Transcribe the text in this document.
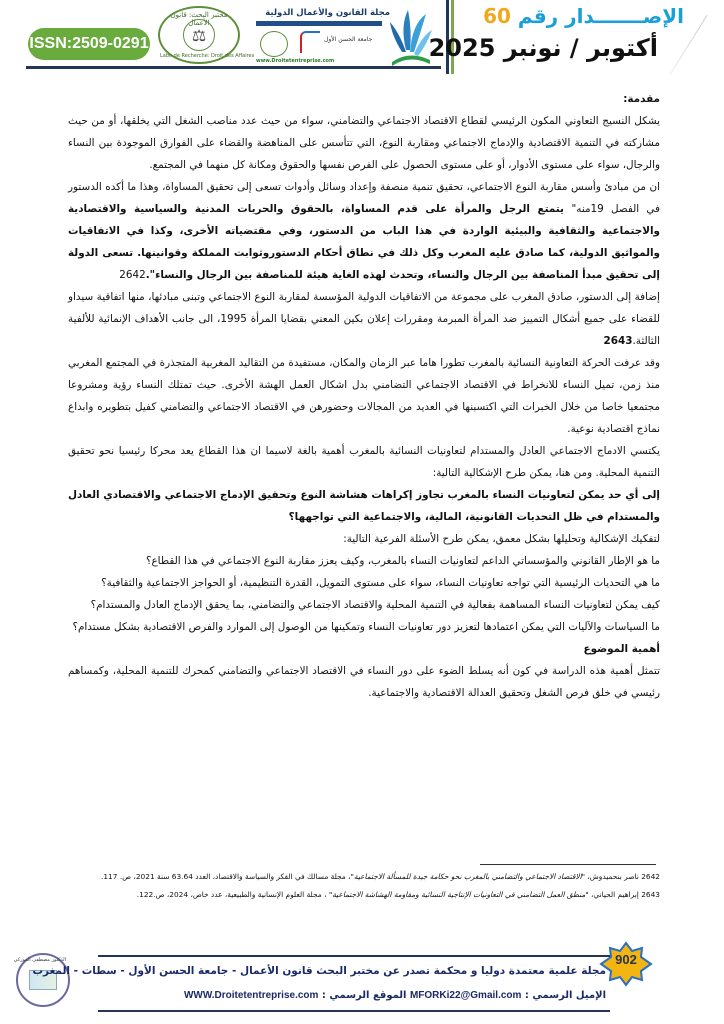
ISSN:2509-0291
مختبر البحث: قانون الأعمال
⚖
Labo de Recherche: Droit des Affaires
مجلة القانون والأعمال الدولية
جامعة الحسن الأول
www.Droitetentreprise.com
الإصـــــــدار رقم 60
أكتوبر / نونبر 2025

مقدمة:

يشكل النسيج التعاوني المكون الرئيسي لقطاع الاقتصاد الاجتماعي والتضامني، سواء من حيث عدد مناصب الشغل التي يخلقها، أو من حيث مشاركته في التنمية الاقتصادية والإدماج الاجتماعي ومقاربة النوع، التي تتأسس على المناهضة والقضاء على الفوارق الموجودة بين النساء والرجال، سواء على مستوى الأدوار، أو على مستوى الحصول على الفرص نفسها والحقوق ومكانة كل منهما في المجتمع.

ان من مبادئ وأسس مقاربة النوع الاجتماعي، تحقيق تنمية منصفة وإعداد وسائل وأدوات تسعى إلى تحقيق المساواة، وهذا ما أكده الدستور في الفصل 19منه" يتمتع الرجل والمرأة على قدم المساواة، بالحقوق والحريات المدنية والسياسية والاقتصادية والاجتماعية والثقافية والبيئية الواردة في هذا الباب من الدستور، وفي مقتضياته الأخرى، وكذا في الاتفاقيات والمواثيق الدولية، كما صادق عليه المغرب وكل ذلك في نطاق أحكام الدستوروثوابت المملكة وقوانينها. تسعى الدولة إلى تحقيق مبدأ المناصفة بين الرجال والنساء، وتحدث لهذه الغاية هيئة للمناصفة بين الرجال والنساء".2642

إضافة إلى الدستور، صادق المغرب على مجموعة من الاتفاقيات الدولية المؤسسة لمقاربة النوع الاجتماعي وتبنى مبادئها، منها اتفاقية سيداو للقضاء على جميع أشكال التمييز ضد المرأة المبرمة ومقررات إعلان بكين المعني بقضايا المرأة 1995، الى جانب الأهداف الإنمائية للألفية الثالثة.2643

وقد عرفت الحركة التعاونية النسائية بالمغرب تطورا هاما عبر الزمان والمكان، مستفيدة من التقاليد المغربية المتجذرة في المجتمع المغربي منذ زمن، تميل النساء للانخراط في الاقتصاد الاجتماعي التضامني بدل اشكال العمل الهشة الأخرى. حيث تمتلك النساء رؤية ومشروعا مجتمعيا خاصا من خلال الخبرات التي اكتسبنها في العديد من المجالات وحضورهن في الاقتصاد الاجتماعي والتضامني كفيل بتطويره وابداع نماذج اقتصادية نوعية.

يكتسي الادماج الاجتماعي العادل والمستدام لتعاونيات النسائية بالمغرب أهمية بالغة لاسيما ان هذا القطاع يعد محركا رئيسيا نحو تحقيق التنمية المحلية. ومن هنا، يمكن طرح الإشكالية التالية:

إلى أي حد يمكن لتعاونيات النساء بالمغرب تجاوز إكراهات هشاشة النوع وتحقيق الإدماج الاجتماعي والاقتصادي العادل والمستدام في ظل التحديات القانونية، المالية، والاجتماعية التي تواجهها؟

لتفكيك الإشكالية وتحليلها بشكل معمق، يمكن طرح الأسئلة الفرعية التالية:

ما هو الإطار القانوني والمؤسساتي الداعم لتعاونيات النساء بالمغرب، وكيف يعزز مقاربة النوع الاجتماعي في هذا القطاع؟

ما هي التحديات الرئيسية التي تواجه تعاونيات النساء، سواء على مستوى التمويل، القدرة التنظيمية، أو الحواجز الاجتماعية والثقافية؟

كيف يمكن لتعاونيات النساء المساهمة بفعالية في التنمية المحلية والاقتصاد الاجتماعي والتضامني، بما يحقق الإدماج العادل والمستدام؟

ما السياسات والآليات التي يمكن اعتمادها لتعزيز دور تعاونيات النساء وتمكينها من الوصول إلى الموارد والفرص الاقتصادية بشكل مستدام؟

أهمية الموضوع

تتمثل أهمية هذه الدراسة في كون أنه يسلط الضوء على دور النساء في الاقتصاد الاجتماعي والتضامني كمحرك للتنمية المحلية، وكمساهم رئيسي في خلق فرص الشغل وتحقيق العدالة الاقتصادية والاجتماعية.

2642 ناصر بنحميدوش، "الاقتصاد الاجتماعي والتضامني بالمغرب نحو حكامة جيدة للمسألة الاجتماعية"، مجلة مسالك في الفكر والسياسة والاقتصاد، العدد 63.64 سنة 2021، ص. 117.

2643 إبراهيم الحياني، "منطق العمل التضامني في التعاونيات الإنتاجية النسائية ومقاومة الهشاشة الاجتماعية" ، مجلة العلوم الإنسانية والطبيعية، عدد خاص، 2024، ص.122.

902
الدكتور مصطفى الفوركي
مجلة علمية معتمدة دوليا و محكمة تصدر عن مختبر البحث قانون الأعمال - جامعة الحسن الأول - سطات - المغرب
الإميل الرسمي : MFORKi22@Gmail.com الموقع الرسمي : WWW.Droitetentreprise.com
